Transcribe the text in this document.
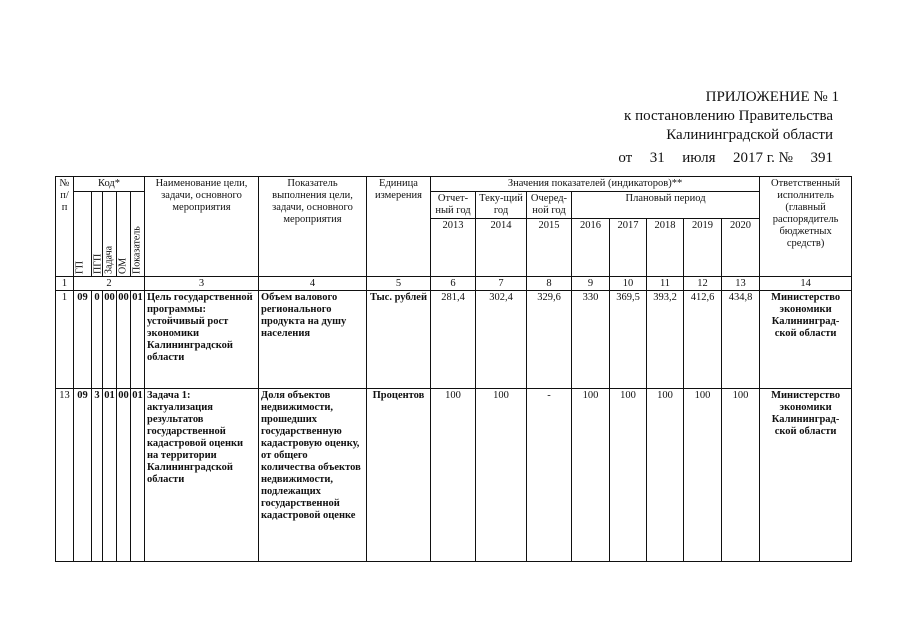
ПРИЛОЖЕНИЕ № 1
к постановлению Правительства
Калининградской области
от 31 июля 2017 г. № 391
№ п/п	Код*					Наименование цели, задачи, основного мероприятия	Показатель выполнения цели, задачи, основного мероприятия	Единица измерения	Значения показателей (индикаторов)**								Ответственный исполнитель (главный распорядитель бюджетных средств)
	ГП	ПГП	Задача	ОМ	Показатель				Отчет-ный год	Теку-щий год	Очеред-ной год	Плановый период					
									2013	2014	2015	2016	2017	2018	2019	2020	
1	2					3	4	5	6	7	8	9	10	11	12	13	14
1	09	0	00	00	01	Цель государственной программы: устойчивый рост экономики Калининградской области	Объем валового регионального продукта на душу населения	Тыс. рублей	281,4	302,4	329,6	330	369,5	393,2	412,6	434,8	Министерство экономики Калининград-ской области
13	09	3	01	00	01	Задача 1: актуализация результатов государственной кадастровой оценки на территории Калининградской области	Доля объектов недвижимости, прошедших государственную кадастровую оценку, от общего количества объектов недвижимости, подлежащих государственной кадастровой оценке	Процентов	100	100	-	100	100	100	100	100	Министерство экономики Калининград-ской области
